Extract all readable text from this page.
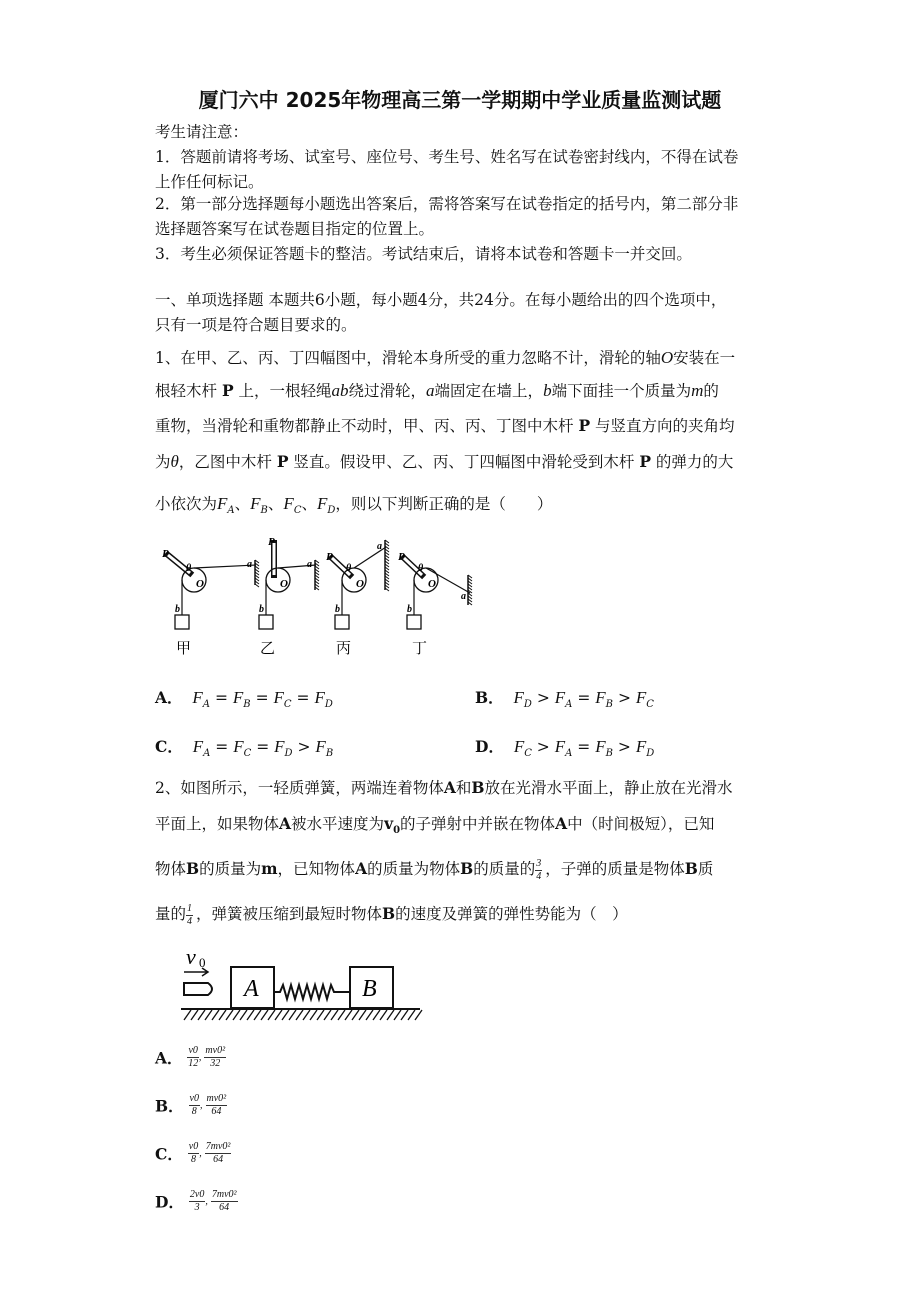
厦门六中 2025年物理高三第一学期期中学业质量监测试题
考生请注意：
1．答题前请将考场、试室号、座位号、考生号、姓名写在试卷密封线内，不得在试卷
上作任何标记。
2．第一部分选择题每小题选出答案后，需将答案写在试卷指定的括号内，第二部分非
选择题答案写在试卷题目指定的位置上。
3．考生必须保证答题卡的整洁。考试结束后，请将本试卷和答题卡一并交回。
一、单项选择题 本题共6小题，每小题4分，共24分。在每小题给出的四个选项中，
只有一项是符合题目要求的。
1、在甲、乙、丙、丁四幅图中，滑轮本身所受的重力忽略不计，滑轮的轴O安装在一
根轻木杆 P 上，一根轻绳ab绕过滑轮，a端固定在墙上，b端下面挂一个质量为m的
重物，当滑轮和重物都静止不动时，甲、丙、丙、丁图中木杆 P 与竖直方向的夹角均
为θ，乙图中木杆 P 竖直。假设甲、乙、丙、丁四幅图中滑轮受到木杆 P 的弹力的大
小依次为$F_A$、$F_B$、$F_C$、$F_D$，则以下判断正确的是（　　）
P
θ
O
a
b
甲
P
O
a
b
乙
P
θ
O
a
b
丙
P
θ
O
a
b
丁
A． $F_A = F_B = F_C = F_D$	B． $F_D > F_A = F_B > F_C$
C． $F_A = F_C = F_D > F_B$	D． $F_C > F_A = F_B > F_D$
2、如图所示，一轻质弹簧，两端连着物体A和B放在光滑水平面上，静止放在光滑水
平面上，如果物体A被水平速度为$v_0$的子弹射中并嵌在物体A中（时间极短），已知
物体B的质量为m，已知物体A的质量为物体B的质量的 $\frac{3}{4}$ ，子弹的质量是物体B质
量的 $\frac{1}{4}$ ，弹簧被压缩到最短时物体B的速度及弹簧的弹性势能为（　）
v 0
A	B
A． $\frac{v0}{12}$ , $\frac{\text{mv0²}}{32}$
B． $\frac{v0}{8}$ , $\frac{\text{mv0²}}{64}$
C． $\frac{v0}{8}$ , $\frac{\text{7mv0²}}{64}$
D． $\frac{2v0}{3}$ , $\frac{\text{7mv0²}}{64}$
